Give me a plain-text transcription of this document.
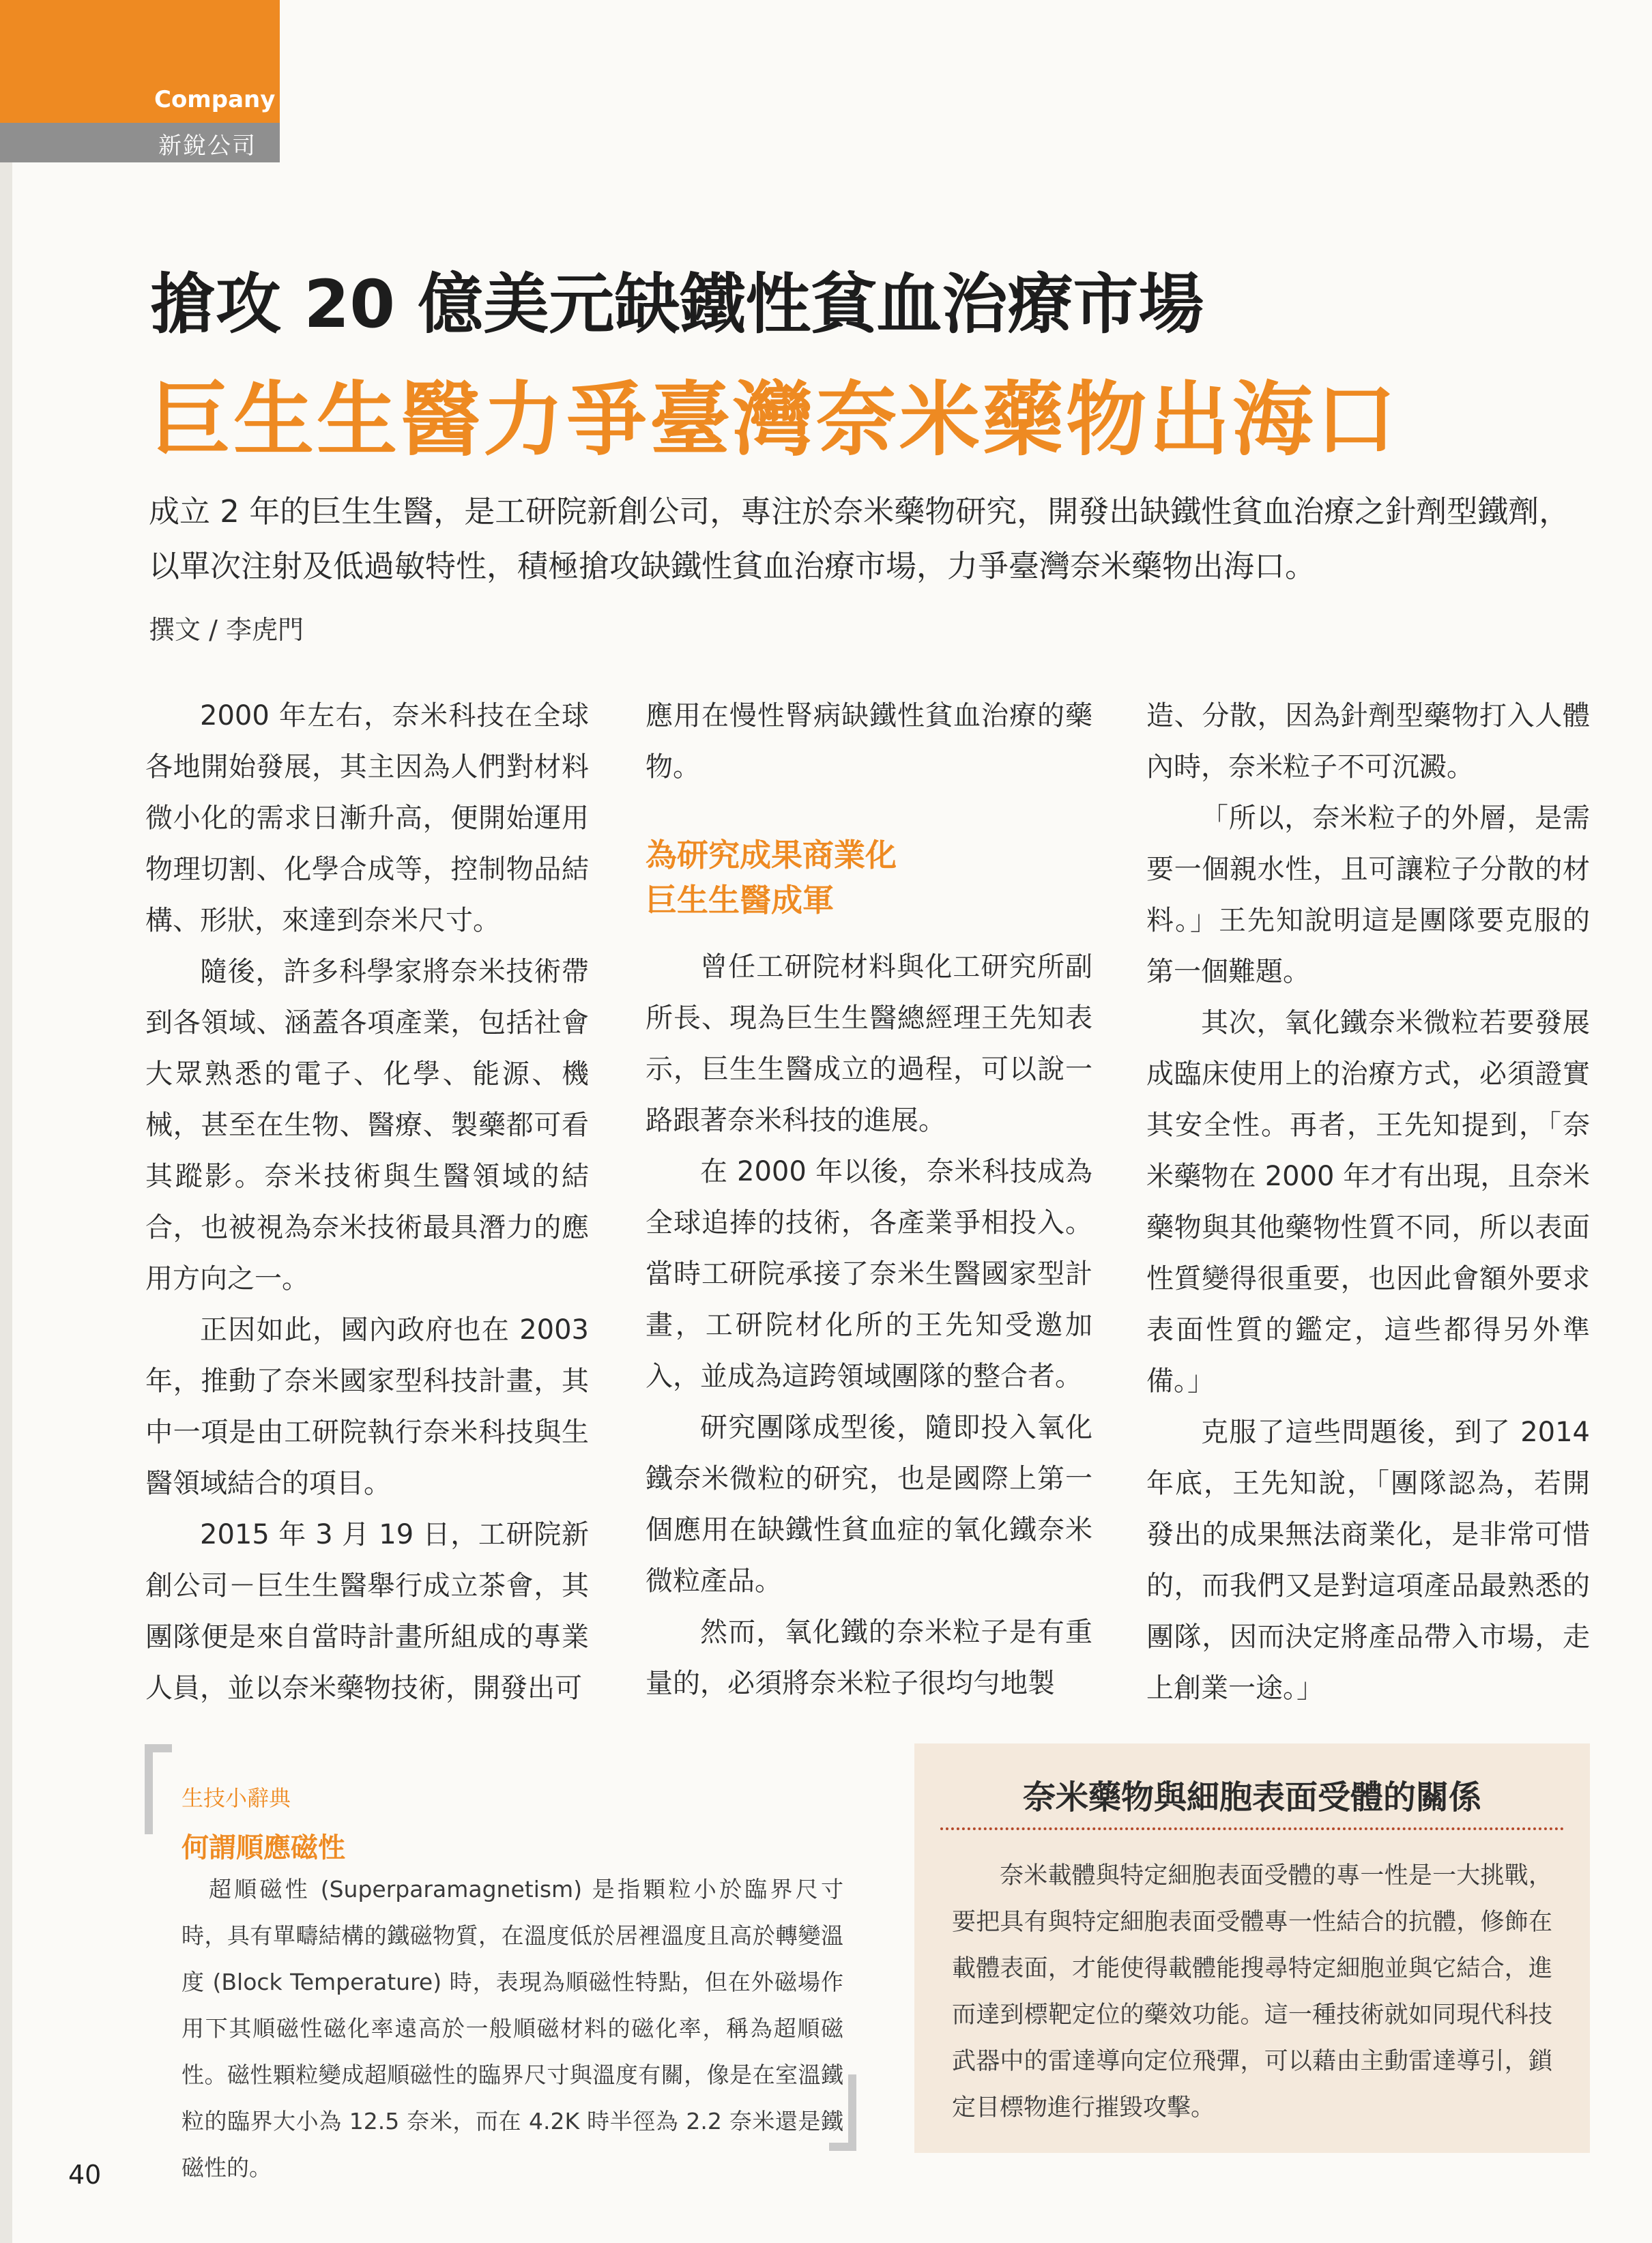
Company
新銳公司
搶攻 20 億美元缺鐵性貧血治療市場
巨生生醫力爭臺灣奈米藥物出海口
成立 2 年的巨生生醫，是工研院新創公司，專注於奈米藥物研究，開發出缺鐵性貧血治療之針劑型鐵劑，以單次注射及低過敏特性，積極搶攻缺鐵性貧血治療市場，力爭臺灣奈米藥物出海口。
撰文 / 李虎門

2000 年左右，奈米科技在全球各地開始發展，其主因為人們對材料微小化的需求日漸升高，便開始運用物理切割、化學合成等，控制物品結構、形狀，來達到奈米尺寸。

隨後，許多科學家將奈米技術帶到各領域、涵蓋各項產業，包括社會大眾熟悉的電子、化學、能源、機械，甚至在生物、醫療、製藥都可看其蹤影。奈米技術與生醫領域的結合，也被視為奈米技術最具潛力的應用方向之一。

正因如此，國內政府也在 2003 年，推動了奈米國家型科技計畫，其中一項是由工研院執行奈米科技與生醫領域結合的項目。

2015 年 3 月 19 日，工研院新創公司－巨生生醫舉行成立茶會，其團隊便是來自當時計畫所組成的專業人員，並以奈米藥物技術，開發出可

應用在慢性腎病缺鐵性貧血治療的藥物。

為研究成果商業化
巨生生醫成軍

曾任工研院材料與化工研究所副所長、現為巨生生醫總經理王先知表示，巨生生醫成立的過程，可以說一路跟著奈米科技的進展。

在 2000 年以後，奈米科技成為全球追捧的技術，各產業爭相投入。當時工研院承接了奈米生醫國家型計畫，工研院材化所的王先知受邀加入，並成為這跨領域團隊的整合者。

研究團隊成型後，隨即投入氧化鐵奈米微粒的研究，也是國際上第一個應用在缺鐵性貧血症的氧化鐵奈米微粒產品。

然而，氧化鐵的奈米粒子是有重量的，必須將奈米粒子很均勻地製

造、分散，因為針劑型藥物打入人體內時，奈米粒子不可沉澱。

「所以，奈米粒子的外層，是需要一個親水性，且可讓粒子分散的材料。」王先知說明這是團隊要克服的第一個難題。

其次，氧化鐵奈米微粒若要發展成臨床使用上的治療方式，必須證實其安全性。再者，王先知提到，「奈米藥物在 2000 年才有出現，且奈米藥物與其他藥物性質不同，所以表面性質變得很重要，也因此會額外要求表面性質的鑑定，這些都得另外準備。」

克服了這些問題後，到了 2014 年底，王先知說，「團隊認為，若開發出的成果無法商業化，是非常可惜的，而我們又是對這項產品最熟悉的團隊，因而決定將產品帶入市場，走上創業一途。」

生技小辭典
何謂順應磁性
超順磁性 (Superparamagnetism) 是指顆粒小於臨界尺寸時，具有單疇結構的鐵磁物質，在溫度低於居裡溫度且高於轉變溫度 (Block Temperature) 時，表現為順磁性特點，但在外磁場作用下其順磁性磁化率遠高於一般順磁材料的磁化率，稱為超順磁性。磁性顆粒變成超順磁性的臨界尺寸與溫度有關，像是在室溫鐵粒的臨界大小為 12.5 奈米，而在 4.2K 時半徑為 2.2 奈米還是鐵磁性的。
奈米藥物與細胞表面受體的關係
奈米載體與特定細胞表面受體的專一性是一大挑戰，要把具有與特定細胞表面受體專一性結合的抗體，修飾在載體表面，才能使得載體能搜尋特定細胞並與它結合，進而達到標靶定位的藥效功能。這一種技術就如同現代科技武器中的雷達導向定位飛彈，可以藉由主動雷達導引，鎖定目標物進行摧毀攻擊。
40
